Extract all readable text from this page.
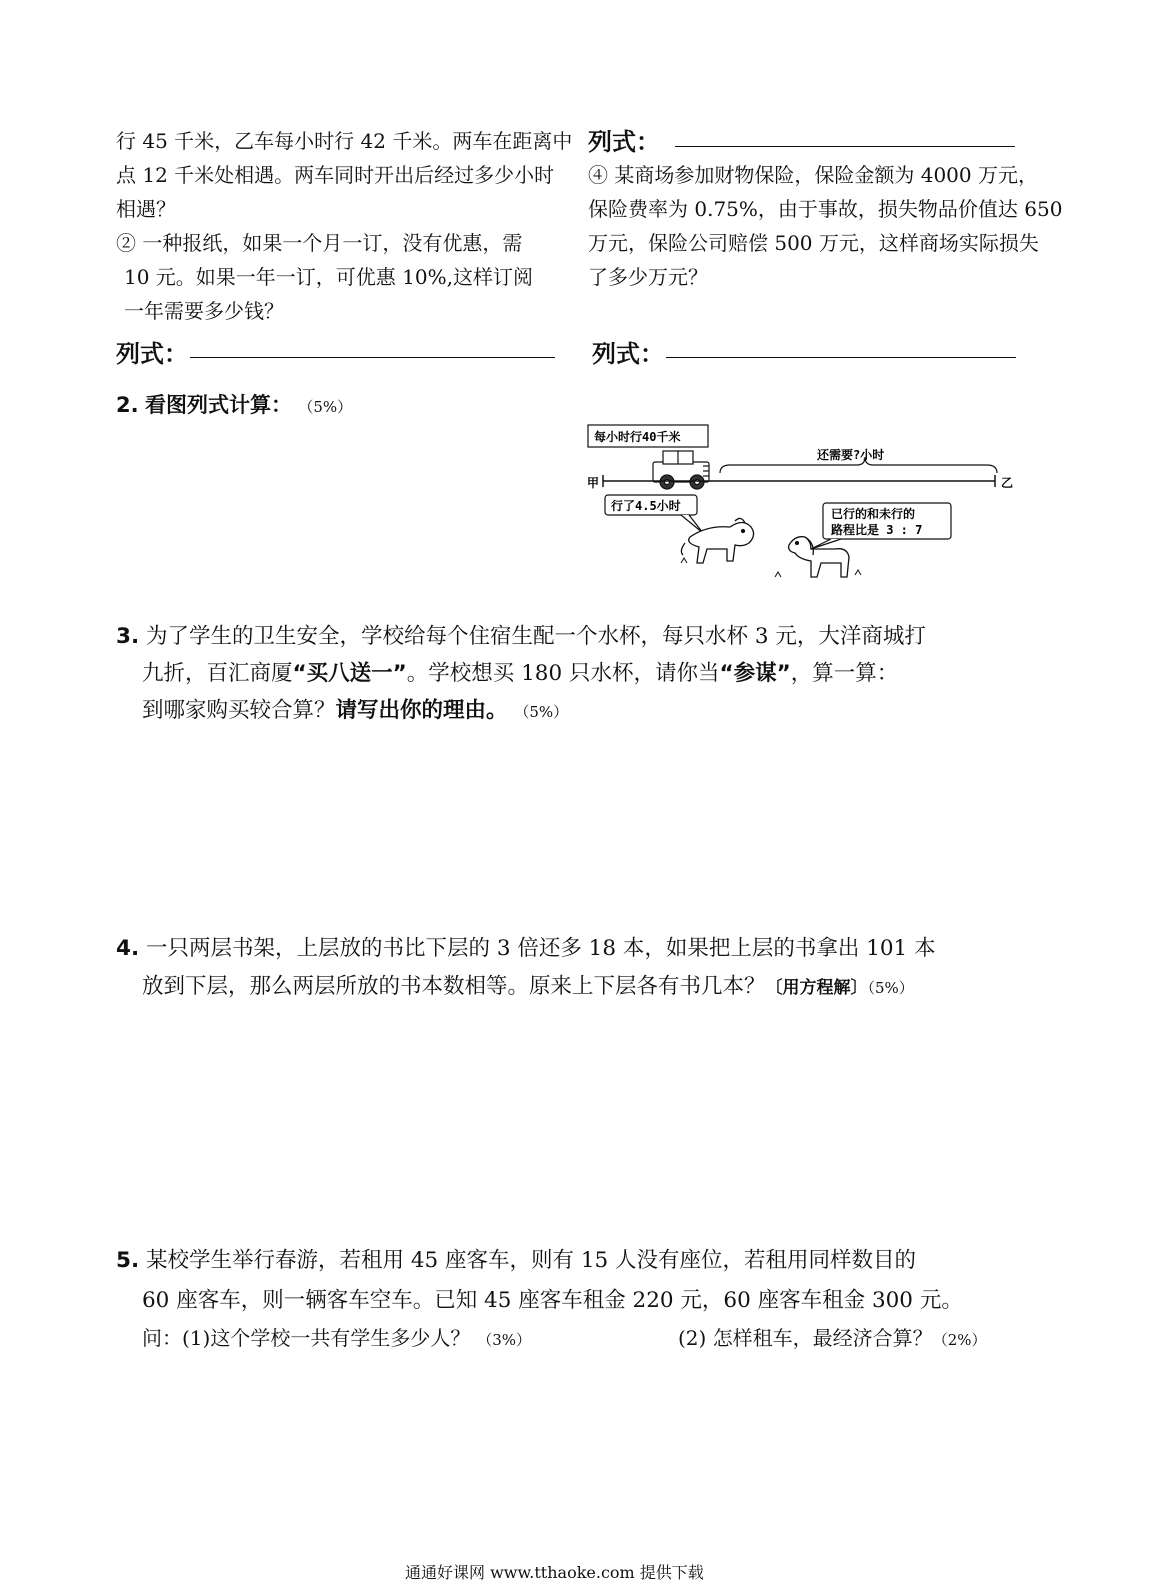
行 45 千米，乙车每小时行 42 千米。两车在距离中
点 12 千米处相遇。两车同时开出后经过多少小时
相遇？
② 一种报纸，如果一个月一订，没有优惠，需
10 元。如果一年一订，可优惠 10%,这样订阅
一年需要多少钱？
列式：
列式：
④ 某商场参加财物保险，保险金额为 4000 万元，
保险费率为 0.75%，由于事故，损失物品价值达 650
万元，保险公司赔偿 500 万元，这样商场实际损失
了多少万元？
列式：
2. 看图列式计算： （5%）
每小时行40千米
还需要?小时
甲	乙
行了4.5小时
已行的和未行的
路程比是 3 : 7
3. 为了学生的卫生安全，学校给每个住宿生配一个水杯，每只水杯 3 元，大洋商城打
九折，百汇商厦“买八送一”。学校想买 180 只水杯，请你当“参谋”，算一算：
到哪家购买较合算？请写出你的理由。 （5%）
4. 一只两层书架，上层放的书比下层的 3 倍还多 18 本，如果把上层的书拿出 101 本
放到下层，那么两层所放的书本数相等。原来上下层各有书几本？〔用方程解〕（5%）
5. 某校学生举行春游，若租用 45 座客车，则有 15 人没有座位，若租用同样数目的
60 座客车，则一辆客车空车。已知 45 座客车租金 220 元，60 座客车租金 300 元。
问：(1)这个学校一共有学生多少人？ （3%）	(2) 怎样租车，最经济合算？（2%）
通通好课网 www.tthaoke.com 提供下载
